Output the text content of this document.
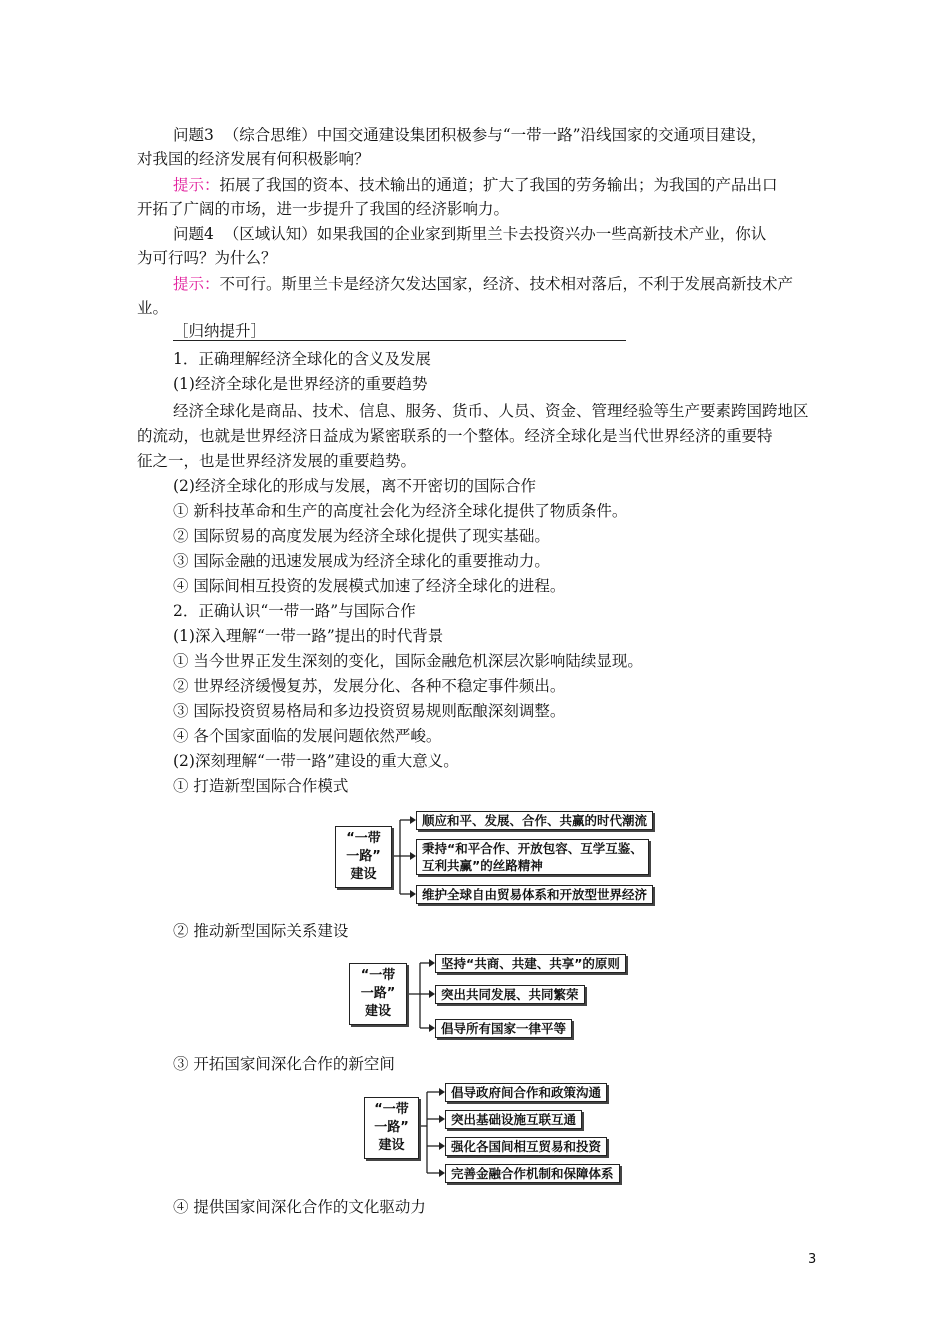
问题3 （综合思维）中国交通建设集团积极参与“一带一路”沿线国家的交通项目建设，
对我国的经济发展有何积极影响？
提示：拓展了我国的资本、技术输出的通道；扩大了我国的劳务输出；为我国的产品出口
开拓了广阔的市场，进一步提升了我国的经济影响力。
问题4 （区域认知）如果我国的企业家到斯里兰卡去投资兴办一些高新技术产业，你认
为可行吗？为什么？
提示：不可行。斯里兰卡是经济欠发达国家，经济、技术相对落后，不利于发展高新技术产
业。
［归纳提升］
1．正确理解经济全球化的含义及发展
(1)经济全球化是世界经济的重要趋势
经济全球化是商品、技术、信息、服务、货币、人员、资金、管理经验等生产要素跨国跨地区
的流动，也就是世界经济日益成为紧密联系的一个整体。经济全球化是当代世界经济的重要特
征之一，也是世界经济发展的重要趋势。
(2)经济全球化的形成与发展，离不开密切的国际合作
① 新科技革命和生产的高度社会化为经济全球化提供了物质条件。
② 国际贸易的高度发展为经济全球化提供了现实基础。
③ 国际金融的迅速发展成为经济全球化的重要推动力。
④ 国际间相互投资的发展模式加速了经济全球化的进程。
2．正确认识“一带一路”与国际合作
(1)深入理解“一带一路”提出的时代背景
① 当今世界正发生深刻的变化，国际金融危机深层次影响陆续显现。
② 世界经济缓慢复苏，发展分化、各种不稳定事件频出。
③ 国际投资贸易格局和多边投资贸易规则酝酿深刻调整。
④ 各个国家面临的发展问题依然严峻。
(2)深刻理解“一带一路”建设的重大意义。
① 打造新型国际合作模式
“一带
一路”
建设
顺应和平、发展、合作、共赢的时代潮流
秉持“和平合作、开放包容、互学互鉴、
互利共赢”的丝路精神
维护全球自由贸易体系和开放型世界经济
② 推动新型国际关系建设
“一带
一路”
建设
坚持“共商、共建、共享”的原则
突出共同发展、共同繁荣
倡导所有国家一律平等
③ 开拓国家间深化合作的新空间
“一带
一路”
建设
倡导政府间合作和政策沟通
突出基础设施互联互通
强化各国间相互贸易和投资
完善金融合作机制和保障体系
④ 提供国家间深化合作的文化驱动力
3
